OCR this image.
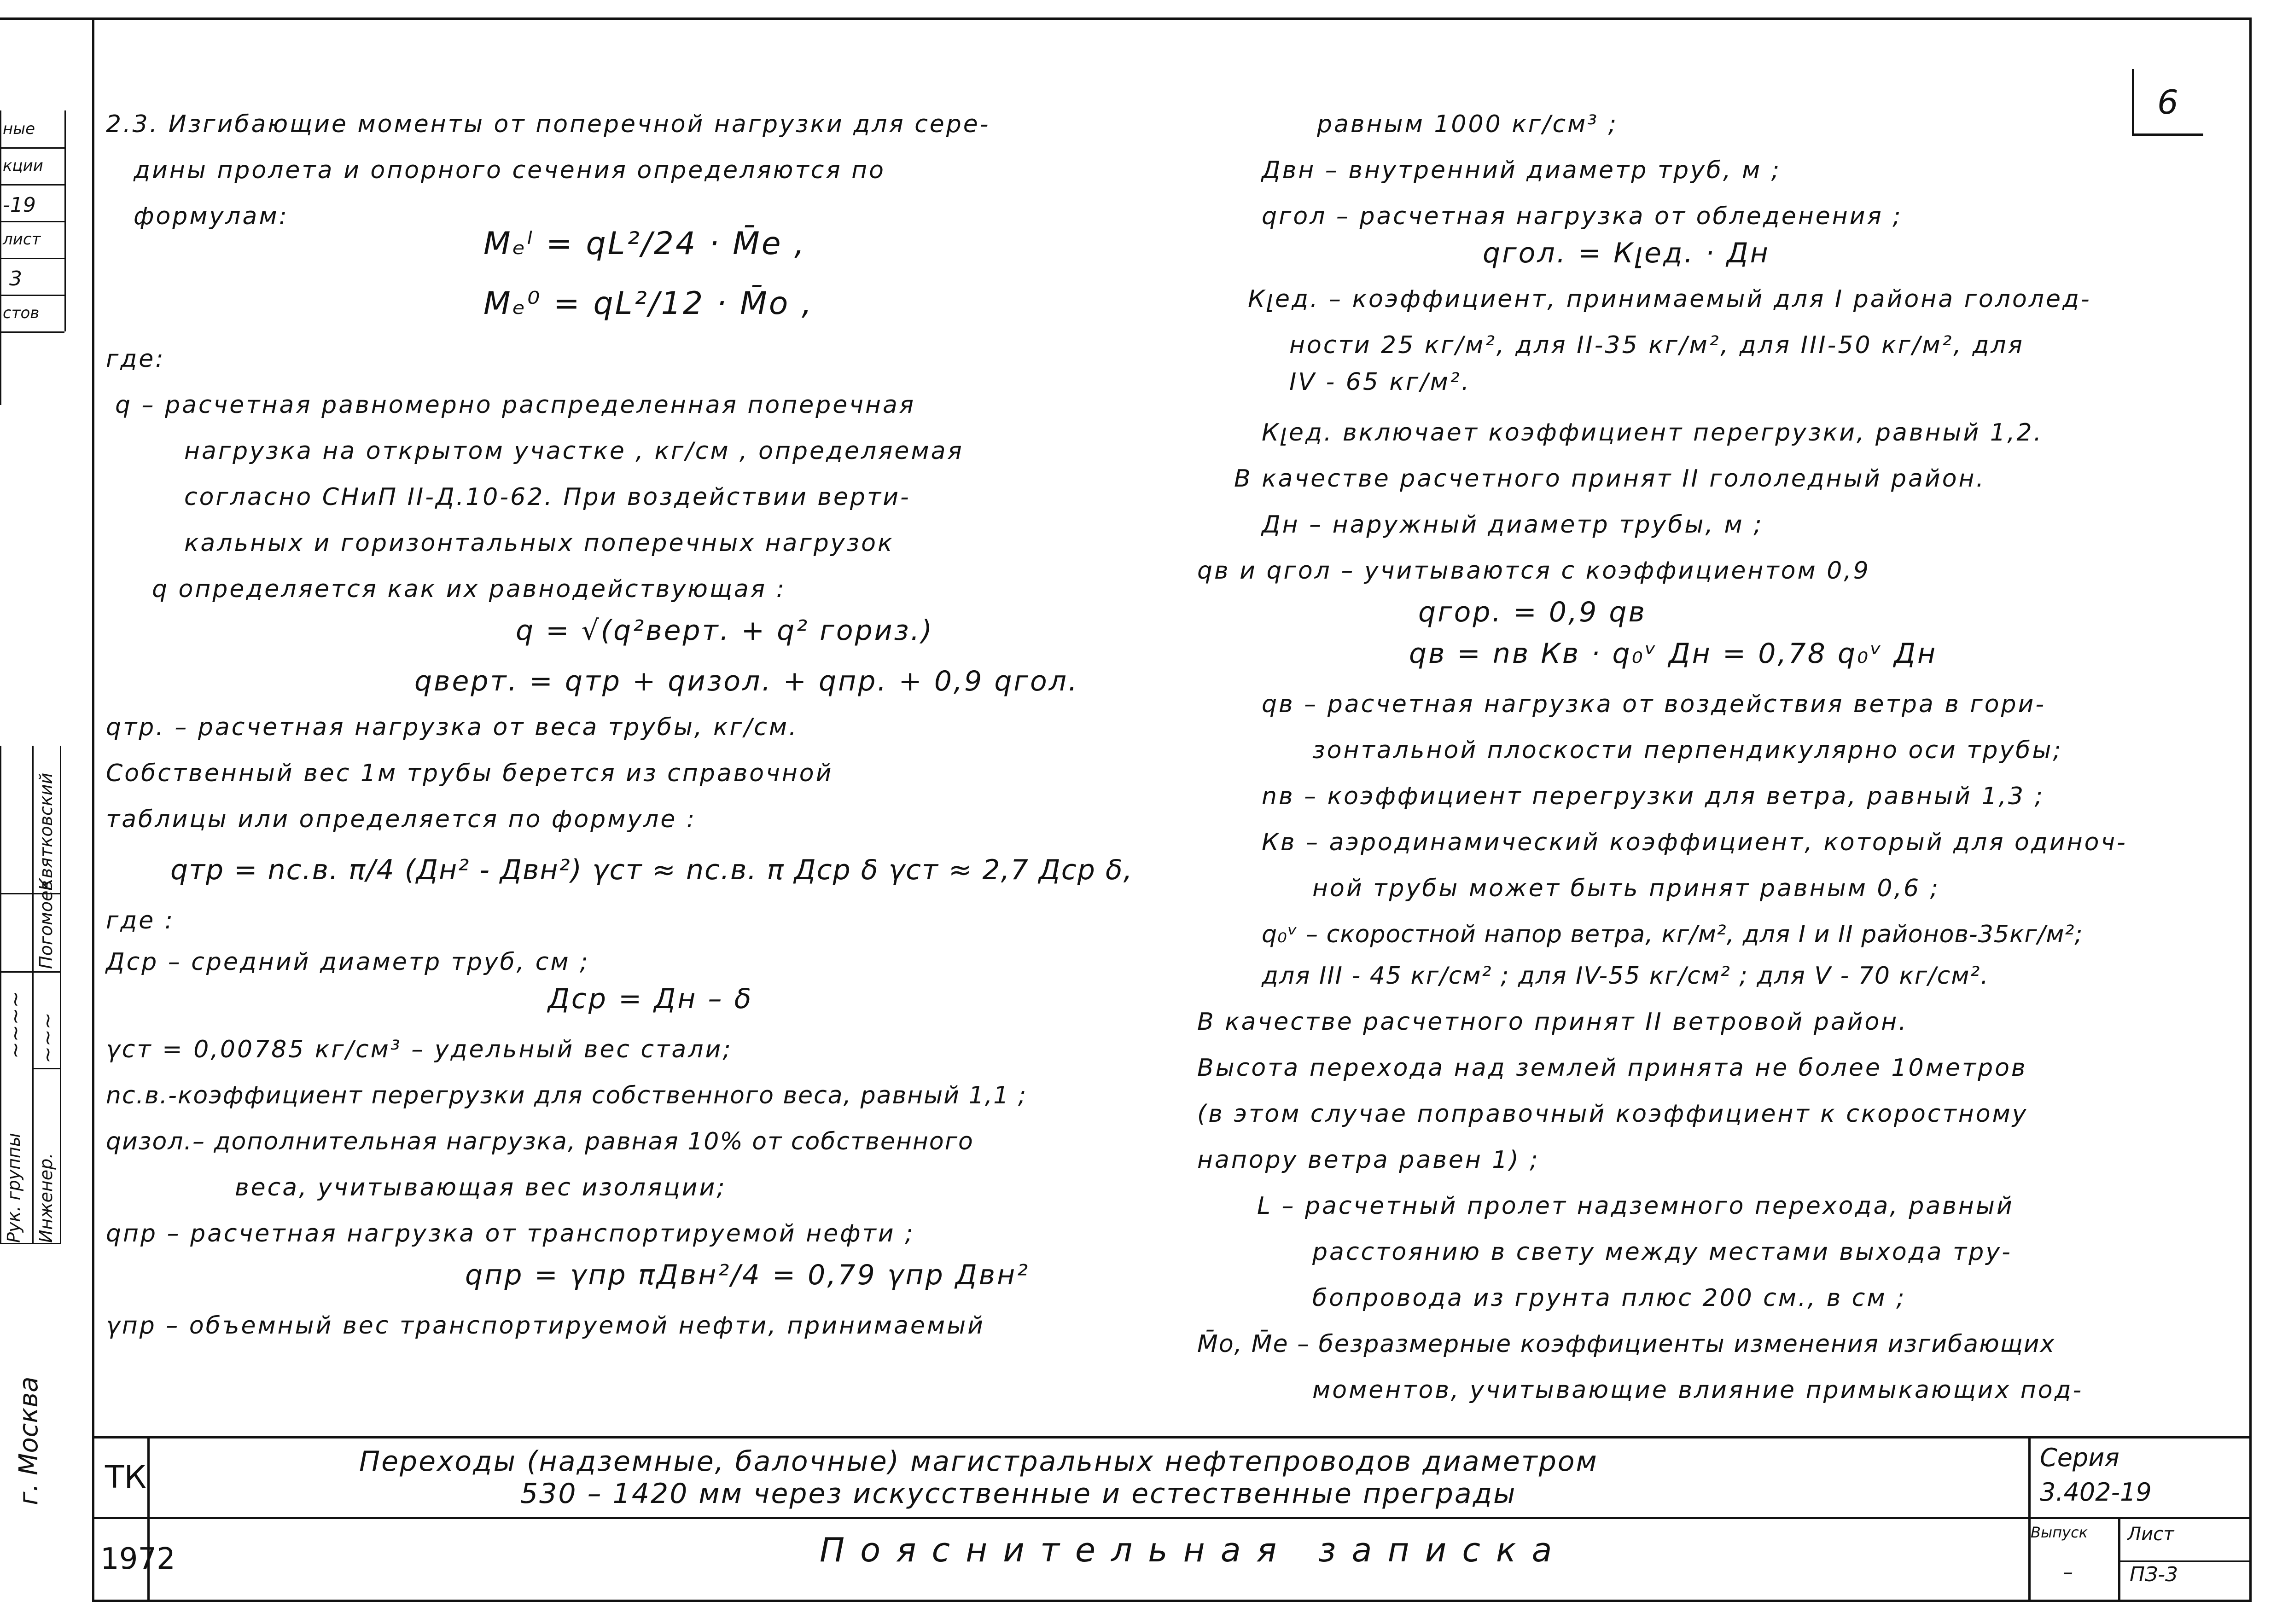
6
ные
кции
-19
лист
3
стов
Рук. группы Инженер.
Квятковский
Погомоев
~~~~ ~~~
г. Москва
2.3. Изгибающие моменты от поперечной нагрузки для сере-
дины пролета и опорного сечения определяются по
формулам:
Mₑˡ = qL²/24 · M̄e ,
Mₑ⁰ = qL²/12 · M̄o ,
где:
q – расчетная равномерно распределенная поперечная
нагрузка на открытом участке , кг/см , определяемая
согласно СНиП II-Д.10-62. При воздействии верти-
кальных и горизонтальных поперечных нагрузок
q определяется как их равнодействующая :
q = √(q²верт. + q² гориз.)
qверт. = qтр + qизол. + qпр. + 0,9 qгол.
qтр. – расчетная нагрузка от веса трубы, кг/см.
Собственный вес 1м трубы берется из справочной
таблицы или определяется по формуле :
qтр = nс.в. π/4 (Дн² - Двн²) γст ≈ nс.в. π Дср δ γст ≈ 2,7 Дср δ,
где :
Дср – средний диаметр труб, см ;
Дср = Дн – δ
γст = 0,00785 кг/см³ – удельный вес стали;
nс.в.-коэффициент перегрузки для собственного веса, равный 1,1 ;
qизол.– дополнительная нагрузка, равная 10% от собственного
веса, учитывающая вес изоляции;
qпр – расчетная нагрузка от транспортируемой нефти ;
qпр = γпр πДвн²/4 = 0,79 γпр Двн²
γпр – объемный вес транспортируемой нефти, принимаемый
равным 1000 кг/см³ ;
Двн – внутренний диаметр труб, м ;
qгол – расчетная нагрузка от обледенения ;
qгол. = Кլед. · Дн
Кլед. – коэффициент, принимаемый для I района гололед-
ности 25 кг/м², для II-35 кг/м², для III-50 кг/м², для
IV - 65 кг/м².
Кլед. включает коэффициент перегрузки, равный 1,2.
В качестве расчетного принят II гололедный район.
Дн – наружный диаметр трубы, м ;
qв и qгол – учитываются с коэффициентом 0,9
qгор. = 0,9 qв
qв = nв Кв · q₀ᵛ Дн = 0,78 q₀ᵛ Дн
qв – расчетная нагрузка от воздействия ветра в гори-
зонтальной плоскости перпендикулярно оси трубы;
nв – коэффициент перегрузки для ветра, равный 1,3 ;
Кв – аэродинамический коэффициент, который для одиноч-
ной трубы может быть принят равным 0,6 ;
q₀ᵛ – скоростной напор ветра, кг/м², для I и II районов-35кг/м²;
для III - 45 кг/см² ; для IV-55 кг/см² ; для V - 70 кг/см².
В качестве расчетного принят II ветровой район.
Высота перехода над землей принята не более 10метров
(в этом случае поправочный коэффициент к скоростному
напору ветра равен 1) ;
L – расчетный пролет надземного перехода, равный
расстоянию в свету между местами выхода тру-
бопровода из грунта плюс 200 см., в см ;
M̄o, M̄e – безразмерные коэффициенты изменения изгибающих
моментов, учитывающие влияние примыкающих под-
ТК
1972
Переходы (надземные, балочные) магистральных нефтепроводов диаметром
530 – 1420 мм через искусственные и естественные преграды
Пояснительная записка
Серия
3.402-19
Выпуск Лист
–	ПЗ-3
